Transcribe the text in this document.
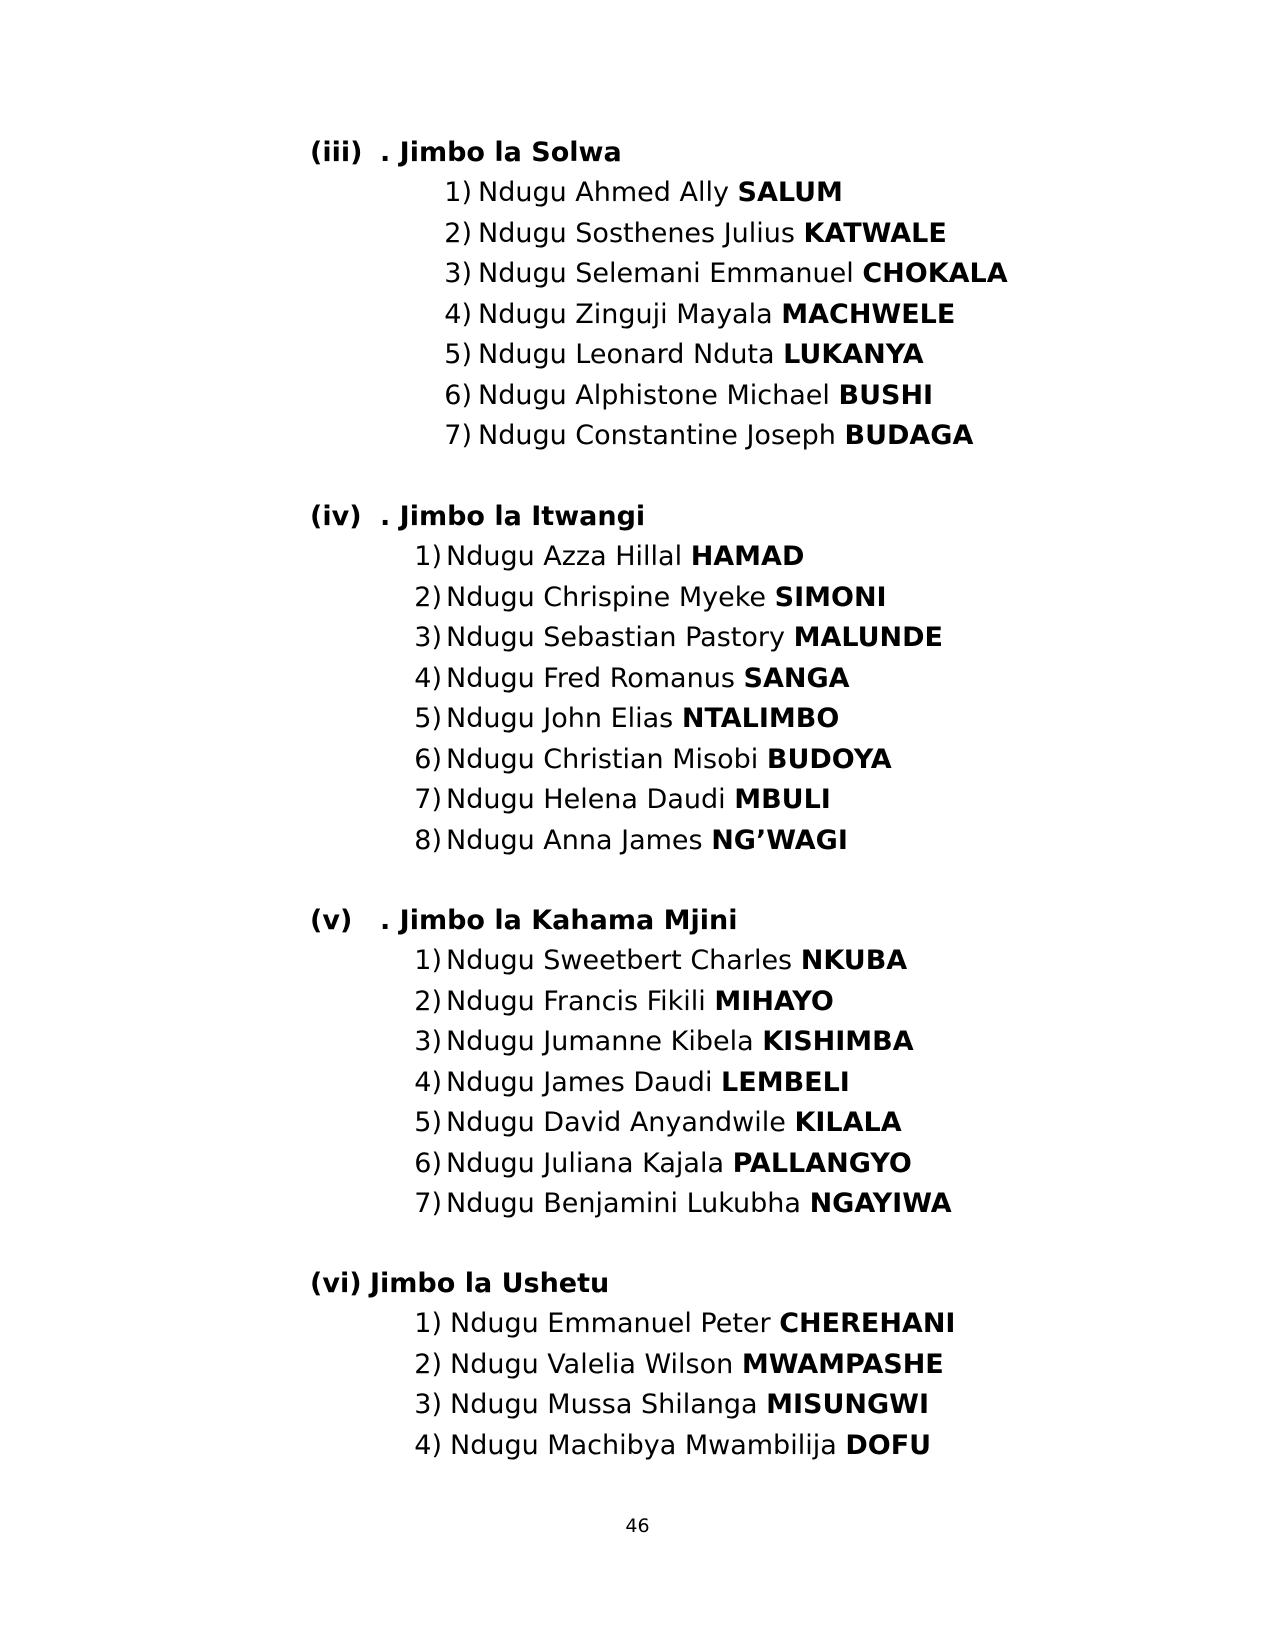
(iii) . Jimbo la Solwa
1) Ndugu Ahmed Ally SALUM
2) Ndugu Sosthenes Julius KATWALE
3) Ndugu Selemani Emmanuel CHOKALA
4) Ndugu Zinguji Mayala MACHWELE
5) Ndugu Leonard Nduta LUKANYA
6) Ndugu Alphistone Michael BUSHI
7) Ndugu Constantine Joseph BUDAGA
(iv) . Jimbo la Itwangi
1) Ndugu Azza Hillal HAMAD
2) Ndugu Chrispine Myeke SIMONI
3) Ndugu Sebastian Pastory MALUNDE
4) Ndugu Fred Romanus SANGA
5) Ndugu John Elias NTALIMBO
6) Ndugu Christian Misobi BUDOYA
7) Ndugu Helena Daudi MBULI
8) Ndugu Anna James NG’WAGI
(v) . Jimbo la Kahama Mjini
1) Ndugu Sweetbert Charles NKUBA
2) Ndugu Francis Fikili MIHAYO
3) Ndugu Jumanne Kibela KISHIMBA
4) Ndugu James Daudi LEMBELI
5) Ndugu David Anyandwile KILALA
6) Ndugu Juliana Kajala PALLANGYO
7) Ndugu Benjamini Lukubha NGAYIWA
(vi) Jimbo la Ushetu
1) Ndugu Emmanuel Peter CHEREHANI
2) Ndugu Valelia Wilson MWAMPASHE
3) Ndugu Mussa Shilanga MISUNGWI
4) Ndugu Machibya Mwambilija DOFU
46
